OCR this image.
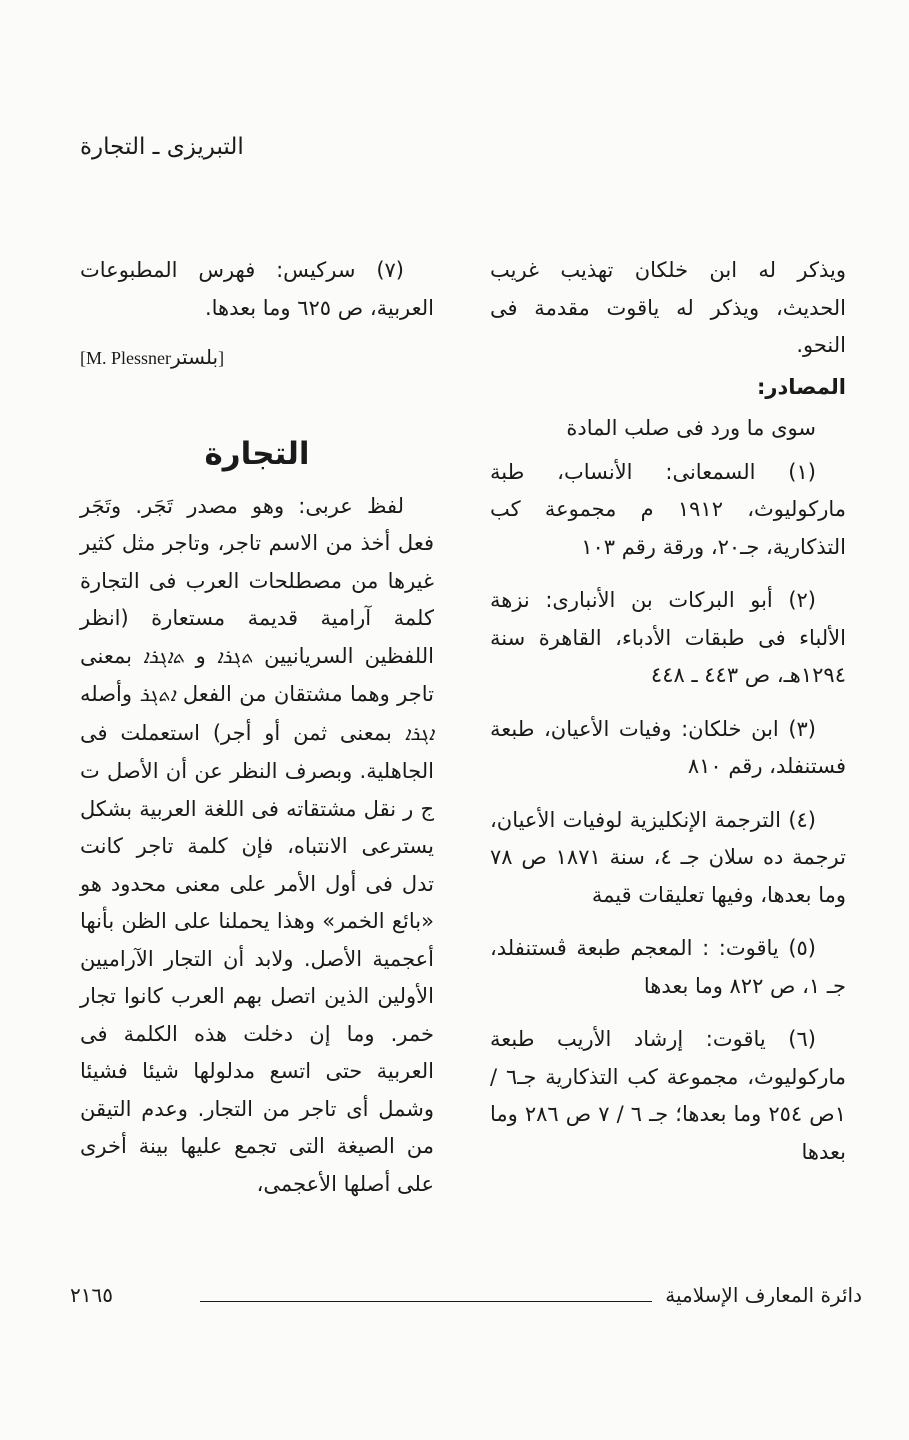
التبريزى ـ التجارة

ويذكر له ابن خلكان تهذيب غريب الحديث، ويذكر له ياقوت مقدمة فى النحو.

المصادر:

سوى ما ورد فى صلب المادة

(١) السمعانى: الأنساب، طبة ماركوليوث، ١٩١٢ م مجموعة كب التذكارية، جـ٢٠، ورقة رقم ١٠٣

(٢) أبو البركات بن الأنبارى: نزهة الألباء فى طبقات الأدباء، القاهرة سنة ١٢٩٤هـ، ص ٤٤٣ ـ ٤٤٨

(٣) ابن خلكان: وفيات الأعيان، طبعة فستنفلد، رقم ٨١٠

(٤) الترجمة الإنكليزية لوفيات الأعيان، ترجمة ده سلان جـ ٤، سنة ١٨٧١ ص ٧٨ وما بعدها، وفيها تعليقات قيمة

(٥) ياقوت: : المعجم طبعة ڤستنفلد، جـ ١، ص ٨٢٢ وما بعدها

(٦) ياقوت: إرشاد الأريب طبعة ماركوليوث، مجموعة كب التذكارية جـ٦ / ١ص ٢٥٤ وما بعدها؛ جـ ٦ / ٧ ص ٢٨٦ وما بعدها

(٧) سركيس: فهرس المطبوعات العربية، ص ٦٢٥ وما بعدها.

[M. Plessnerبلستر]

التجارة

لفظ عربى: وهو مصدر تَجَر. وتَجَر فعل أخذ من الاسم تاجر، وتاجر مثل كثير غيرها من مصطلحات العرب فى التجارة كلمة آرامية قديمة مستعارة (انظر اللفظين السريانيين ܬܓܪܐ و ܬܐܓܪܐ بمعنى تاجر وهما مشتقان من الفعل ܐܬܓܪ وأصله ܐܓܪܐ بمعنى ثمن أو أجر) استعملت فى الجاهلية. وبصرف النظر عن أن الأصل ت ج ر نقل مشتقاته فى اللغة العربية بشكل يسترعى الانتباه، فإن كلمة تاجر كانت تدل فى أول الأمر على معنى محدود هو «بائع الخمر» وهذا يحملنا على الظن بأنها أعجمية الأصل. ولابد أن التجار الآراميين الأولين الذين اتصل بهم العرب كانوا تجار خمر. وما إن دخلت هذه الكلمة فى العربية حتى اتسع مدلولها شيئا فشيئا وشمل أى تاجر من التجار. وعدم التيقن من الصيغة التى تجمع عليها بينة أخرى على أصلها الأعجمى،

٢١٦٥	دائرة المعارف الإسلامية
